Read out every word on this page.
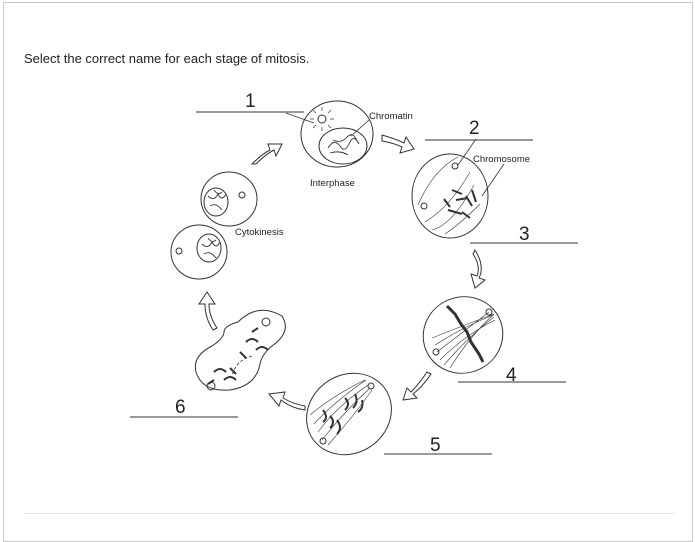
Select the correct name for each stage of mitosis.
1
2
3
4
5
6
Chromatin
Chromosome
Interphase
Cytokinesis
